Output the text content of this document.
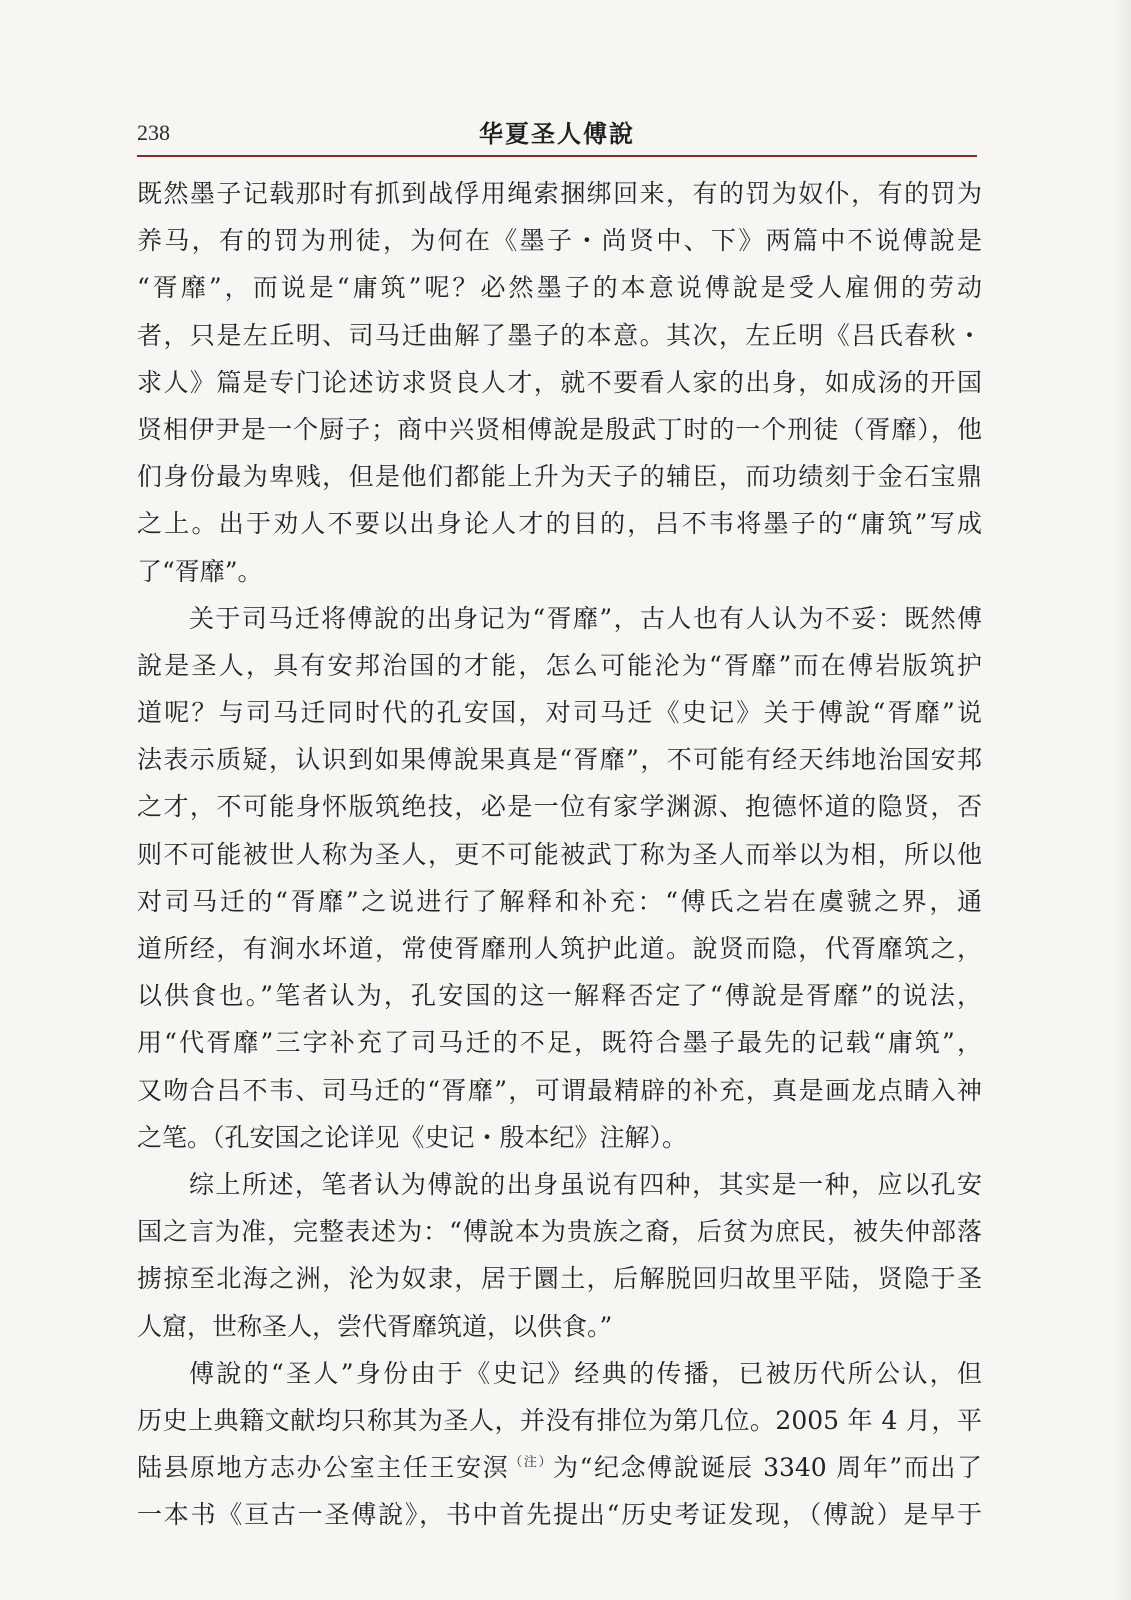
238	华夏圣人傅說
既然墨子记载那时有抓到战俘用绳索捆绑回来，有的罚为奴仆，有的罚为
养马，有的罚为刑徒，为何在《墨子・尚贤中、下》两篇中不说傅說是
“胥靡”，而说是“庸筑”呢？必然墨子的本意说傅說是受人雇佣的劳动
者，只是左丘明、司马迁曲解了墨子的本意。其次，左丘明《吕氏春秋・
求人》篇是专门论述访求贤良人才，就不要看人家的出身，如成汤的开国
贤相伊尹是一个厨子；商中兴贤相傅說是殷武丁时的一个刑徒（胥靡），他
们身份最为卑贱，但是他们都能上升为天子的辅臣，而功绩刻于金石宝鼎
之上。出于劝人不要以出身论人才的目的，吕不韦将墨子的“庸筑”写成
了“胥靡”。
关于司马迁将傅說的出身记为“胥靡”，古人也有人认为不妥：既然傅
說是圣人，具有安邦治国的才能，怎么可能沦为“胥靡”而在傅岩版筑护
道呢？与司马迁同时代的孔安国，对司马迁《史记》关于傅說“胥靡”说
法表示质疑，认识到如果傅說果真是“胥靡”，不可能有经天纬地治国安邦
之才，不可能身怀版筑绝技，必是一位有家学渊源、抱德怀道的隐贤，否
则不可能被世人称为圣人，更不可能被武丁称为圣人而举以为相，所以他
对司马迁的“胥靡”之说进行了解释和补充：“傅氏之岩在虞虢之界，通
道所经，有涧水坏道，常使胥靡刑人筑护此道。說贤而隐，代胥靡筑之，
以供食也。”笔者认为，孔安国的这一解释否定了“傅說是胥靡”的说法，
用“代胥靡”三字补充了司马迁的不足，既符合墨子最先的记载“庸筑”，
又吻合吕不韦、司马迁的“胥靡”，可谓最精辟的补充，真是画龙点睛入神
之笔。（孔安国之论详见《史记・殷本纪》注解）。
综上所述，笔者认为傅說的出身虽说有四种，其实是一种，应以孔安
国之言为准，完整表述为：“傅說本为贵族之裔，后贫为庶民，被失仲部落
掳掠至北海之洲，沦为奴隶，居于圜土，后解脱回归故里平陆，贤隐于圣
人窟，世称圣人，尝代胥靡筑道，以供食。”
傅說的“圣人”身份由于《史记》经典的传播，已被历代所公认，但
历史上典籍文献均只称其为圣人，并没有排位为第几位。2005 年 4 月，平
陆县原地方志办公室主任王安溟$^{(注)}$为“纪念傅說诞辰 3340 周年”而出了
一本书《亘古一圣傅說》，书中首先提出“历史考证发现，（傅說）是早于
